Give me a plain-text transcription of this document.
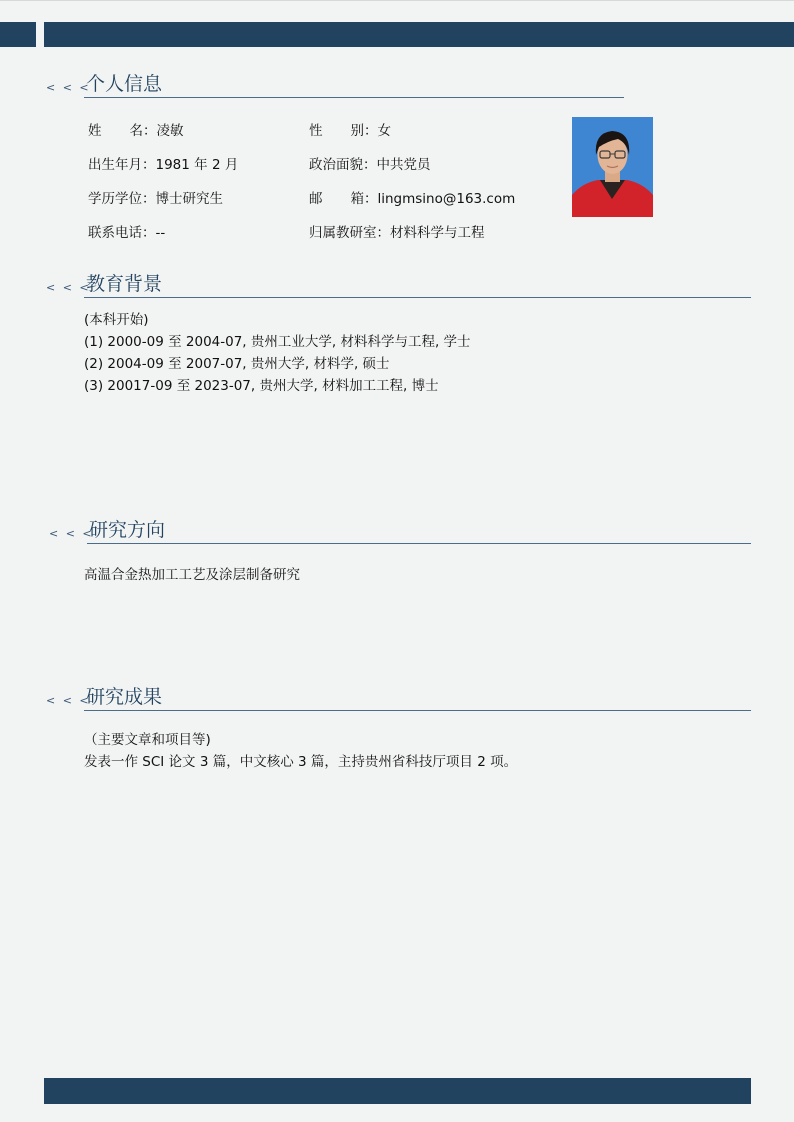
< < <
个人信息
姓名：凌敏	性别：女
出生年月：1981 年 2 月	政治面貌：中共党员
学历学位：博士研究生	邮箱：lingmsino@163.com
联系电话：--	归属教研室：材料科学与工程
< < <
教育背景
(本科开始)
(1) 2000-09 至 2004-07, 贵州工业大学, 材料科学与工程, 学士
(2) 2004-09 至 2007-07, 贵州大学, 材料学, 硕士
(3) 20017-09 至 2023-07, 贵州大学, 材料加工工程, 博士
< < <
研究方向
高温合金热加工工艺及涂层制备研究
< < <
研究成果
（主要文章和项目等)
发表一作 SCI 论文 3 篇，中文核心 3 篇，主持贵州省科技厅项目 2 项。
